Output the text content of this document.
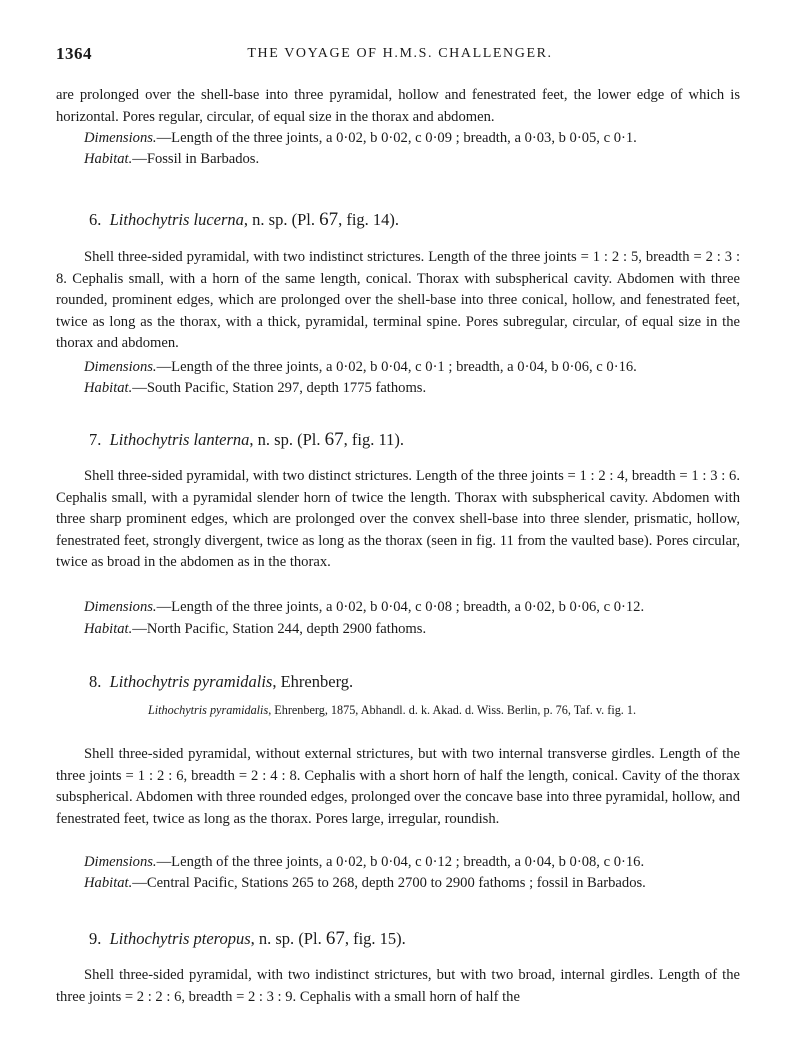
1364	THE VOYAGE OF H.M.S. CHALLENGER.

are prolonged over the shell-base into three pyramidal, hollow and fenestrated feet, the lower edge of which is horizontal. Pores regular, circular, of equal size in the thorax and abdomen.

Dimensions.—Length of the three joints, a 0·02, b 0·02, c 0·09 ; breadth, a 0·03, b 0·05, c 0·1.

Habitat.—Fossil in Barbados.

6. Lithochytris lucerna, n. sp. (Pl. 67, fig. 14).

Shell three-sided pyramidal, with two indistinct strictures. Length of the three joints = 1 : 2 : 5, breadth = 2 : 3 : 8. Cephalis small, with a horn of the same length, conical. Thorax with subspherical cavity. Abdomen with three rounded, prominent edges, which are prolonged over the shell-base into three conical, hollow, and fenestrated feet, twice as long as the thorax, with a thick, pyramidal, terminal spine. Pores subregular, circular, of equal size in the thorax and abdomen.

Dimensions.—Length of the three joints, a 0·02, b 0·04, c 0·1 ; breadth, a 0·04, b 0·06, c 0·16.

Habitat.—South Pacific, Station 297, depth 1775 fathoms.

7. Lithochytris lanterna, n. sp. (Pl. 67, fig. 11).

Shell three-sided pyramidal, with two distinct strictures. Length of the three joints = 1 : 2 : 4, breadth = 1 : 3 : 6. Cephalis small, with a pyramidal slender horn of twice the length. Thorax with subspherical cavity. Abdomen with three sharp prominent edges, which are prolonged over the convex shell-base into three slender, prismatic, hollow, fenestrated feet, strongly divergent, twice as long as the thorax (seen in fig. 11 from the vaulted base). Pores circular, twice as broad in the abdomen as in the thorax.

Dimensions.—Length of the three joints, a 0·02, b 0·04, c 0·08 ; breadth, a 0·02, b 0·06, c 0·12.

Habitat.—North Pacific, Station 244, depth 2900 fathoms.

8. Lithochytris pyramidalis, Ehrenberg.

Lithochytris pyramidalis, Ehrenberg, 1875, Abhandl. d. k. Akad. d. Wiss. Berlin, p. 76, Taf. v. fig. 1.

Shell three-sided pyramidal, without external strictures, but with two internal transverse girdles. Length of the three joints = 1 : 2 : 6, breadth = 2 : 4 : 8. Cephalis with a short horn of half the length, conical. Cavity of the thorax subspherical. Abdomen with three rounded edges, prolonged over the concave base into three pyramidal, hollow, and fenestrated feet, twice as long as the thorax. Pores large, irregular, roundish.

Dimensions.—Length of the three joints, a 0·02, b 0·04, c 0·12 ; breadth, a 0·04, b 0·08, c 0·16.

Habitat.—Central Pacific, Stations 265 to 268, depth 2700 to 2900 fathoms ; fossil in Barbados.

9. Lithochytris pteropus, n. sp. (Pl. 67, fig. 15).

Shell three-sided pyramidal, with two indistinct strictures, but with two broad, internal girdles. Length of the three joints = 2 : 2 : 6, breadth = 2 : 3 : 9. Cephalis with a small horn of half the
